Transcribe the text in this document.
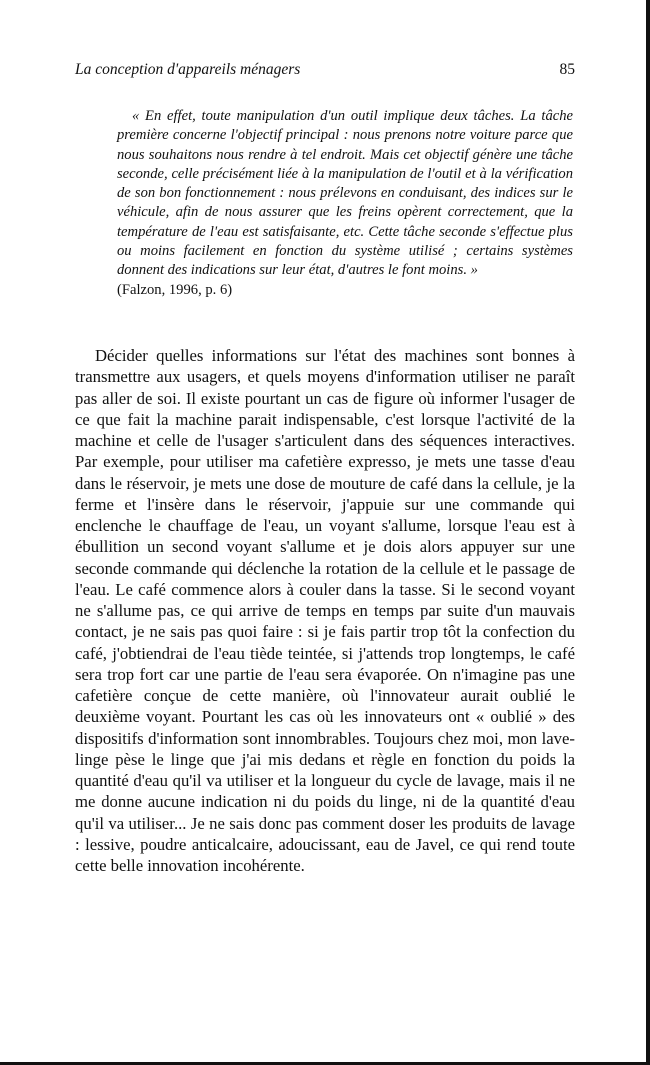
La conception d'appareils ménagers	85
« En effet, toute manipulation d'un outil implique deux tâches. La tâche première concerne l'objectif principal : nous prenons notre voiture parce que nous souhaitons nous rendre à tel endroit. Mais cet objectif génère une tâche seconde, celle précisément liée à la manipulation de l'outil et à la vérification de son bon fonctionnement : nous prélevons en conduisant, des indices sur le véhicule, afin de nous assurer que les freins opèrent correctement, que la température de l'eau est satisfaisante, etc. Cette tâche seconde s'effectue plus ou moins facilement en fonction du système utilisé ; certains systèmes donnent des indications sur leur état, d'autres le font moins. »
(Falzon, 1996, p. 6)

Décider quelles informations sur l'état des machines sont bonnes à transmettre aux usagers, et quels moyens d'information utiliser ne paraît pas aller de soi. Il existe pourtant un cas de figure où informer l'usager de ce que fait la machine parait indispensable, c'est lorsque l'activité de la machine et celle de l'usager s'articulent dans des séquences interactives. Par exemple, pour utiliser ma cafetière expresso, je mets une tasse d'eau dans le réservoir, je mets une dose de mouture de café dans la cellule, je la ferme et l'insère dans le réservoir, j'appuie sur une commande qui enclenche le chauffage de l'eau, un voyant s'allume, lorsque l'eau est à ébullition un second voyant s'allume et je dois alors appuyer sur une seconde commande qui déclenche la rotation de la cellule et le passage de l'eau. Le café commence alors à couler dans la tasse. Si le second voyant ne s'allume pas, ce qui arrive de temps en temps par suite d'un mauvais contact, je ne sais pas quoi faire : si je fais partir trop tôt la confection du café, j'obtiendrai de l'eau tiède teintée, si j'attends trop longtemps, le café sera trop fort car une partie de l'eau sera évaporée. On n'imagine pas une cafetière conçue de cette manière, où l'innovateur aurait oublié le deuxième voyant. Pourtant les cas où les innovateurs ont « oublié » des dispositifs d'information sont innombrables. Toujours chez moi, mon lave-linge pèse le linge que j'ai mis dedans et règle en fonction du poids la quantité d'eau qu'il va utiliser et la longueur du cycle de lavage, mais il ne me donne aucune indication ni du poids du linge, ni de la quantité d'eau qu'il va utiliser... Je ne sais donc pas comment doser les produits de lavage : lessive, poudre anticalcaire, adoucissant, eau de Javel, ce qui rend toute cette belle innovation incohérente.
